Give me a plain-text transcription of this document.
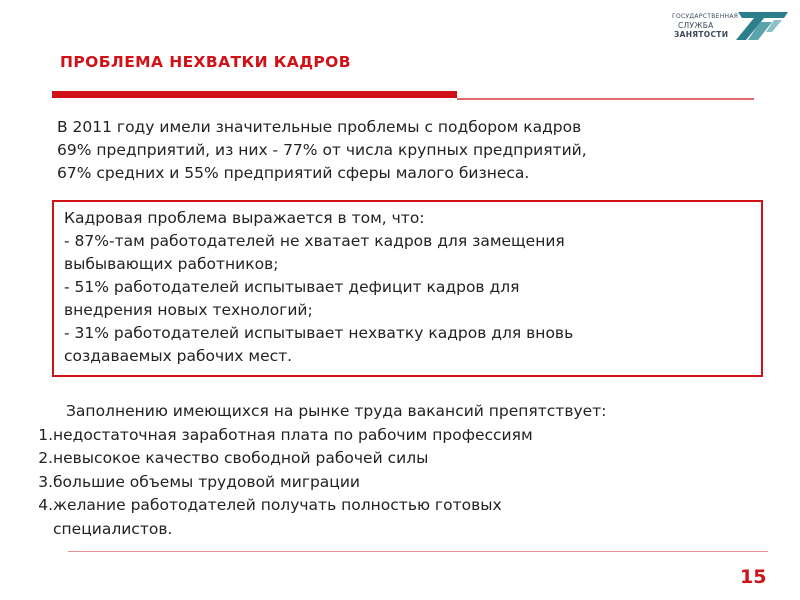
ГОСУДАРСТВЕННАЯ
СЛУЖБА
ЗАНЯТОСТИ
ПРОБЛЕМА НЕХВАТКИ КАДРОВ
В 2011 году имели значительные проблемы с подбором кадров
69% предприятий, из них - 77% от числа крупных предприятий,
67% средних и 55% предприятий сферы малого бизнеса.
Кадровая проблема выражается в том, что:
- 87%-там работодателей не хватает кадров для замещения
выбывающих работников;
- 51% работодателей испытывает дефицит кадров для
внедрения новых технологий;
- 31% работодателей испытывает нехватку кадров для вновь
создаваемых рабочих мест.
Заполнению имеющихся на рынке труда вакансий препятствует:
1.недостаточная заработная плата по рабочим профессиям
2.невысокое качество свободной рабочей силы
3.большие объемы трудовой миграции
4.желание работодателей получать полностью готовых
специалистов.
15
